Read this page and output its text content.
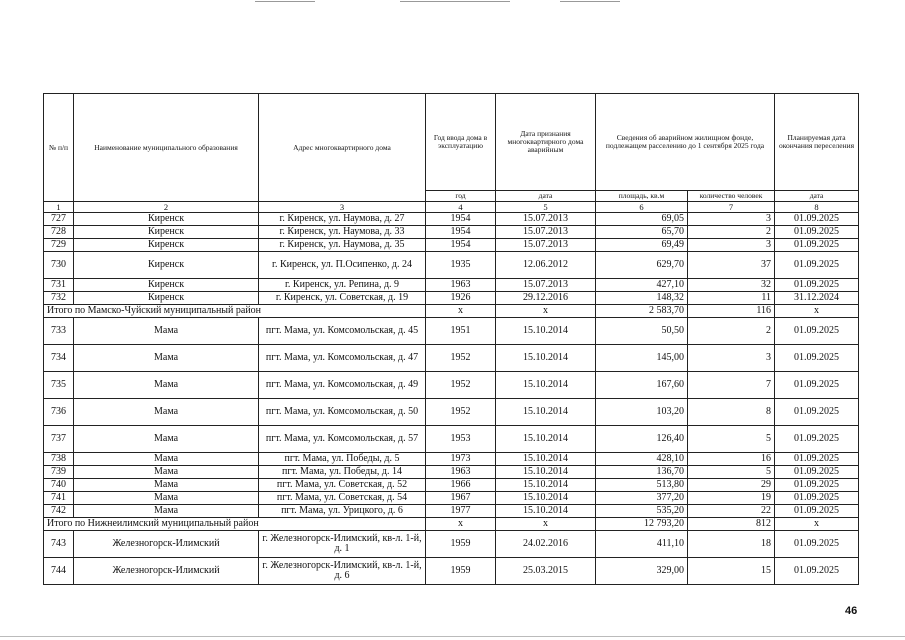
№ п/п	Наименование муниципального образования	Адрес многоквартирного дома	Год ввода дома в эксплуатацию	Дата признания многоквартирного дома аварийным	Сведения об аварийном жилищном фонде, подлежащем расселению до 1 сентября 2025 года		Планируемая дата окончания переселения
			год	дата	площадь, кв.м	количество человек	дата
1	2	3	4	5	6	7	8
727	Киренск	г. Киренск, ул. Наумова, д. 27	1954	15.07.2013	69,05	3	01.09.2025
728	Киренск	г. Киренск, ул. Наумова, д. 33	1954	15.07.2013	65,70	2	01.09.2025
729	Киренск	г. Киренск, ул. Наумова, д. 35	1954	15.07.2013	69,49	3	01.09.2025
730	Киренск	г. Киренск, ул. П.Осипенко, д. 24	1935	12.06.2012	629,70	37	01.09.2025
731	Киренск	г. Киренск, ул. Репина, д. 9	1963	15.07.2013	427,10	32	01.09.2025
732	Киренск	г. Киренск, ул. Советская, д. 19	1926	29.12.2016	148,32	11	31.12.2024
Итого по Мамско-Чуйский муниципальный район			х	х	2 583,70	116	х
733	Мама	пгт. Мама, ул. Комсомольская, д. 45	1951	15.10.2014	50,50	2	01.09.2025
734	Мама	пгт. Мама, ул. Комсомольская, д. 47	1952	15.10.2014	145,00	3	01.09.2025
735	Мама	пгт. Мама, ул. Комсомольская, д. 49	1952	15.10.2014	167,60	7	01.09.2025
736	Мама	пгт. Мама, ул. Комсомольская, д. 50	1952	15.10.2014	103,20	8	01.09.2025
737	Мама	пгт. Мама, ул. Комсомольская, д. 57	1953	15.10.2014	126,40	5	01.09.2025
738	Мама	пгт. Мама, ул. Победы, д. 5	1973	15.10.2014	428,10	16	01.09.2025
739	Мама	пгт. Мама, ул. Победы, д. 14	1963	15.10.2014	136,70	5	01.09.2025
740	Мама	пгт. Мама, ул. Советская, д. 52	1966	15.10.2014	513,80	29	01.09.2025
741	Мама	пгт. Мама, ул. Советская, д. 54	1967	15.10.2014	377,20	19	01.09.2025
742	Мама	пгт. Мама, ул. Урицкого, д. 6	1977	15.10.2014	535,20	22	01.09.2025
Итого по Нижнеилимский муниципальный район			х	х	12 793,20	812	х
743	Железногорск-Илимский	г. Железногорск-Илимский, кв-л. 1-й, д. 1	1959	24.02.2016	411,10	18	01.09.2025
744	Железногорск-Илимский	г. Железногорск-Илимский, кв-л. 1-й, д. 6	1959	25.03.2015	329,00	15	01.09.2025
46
